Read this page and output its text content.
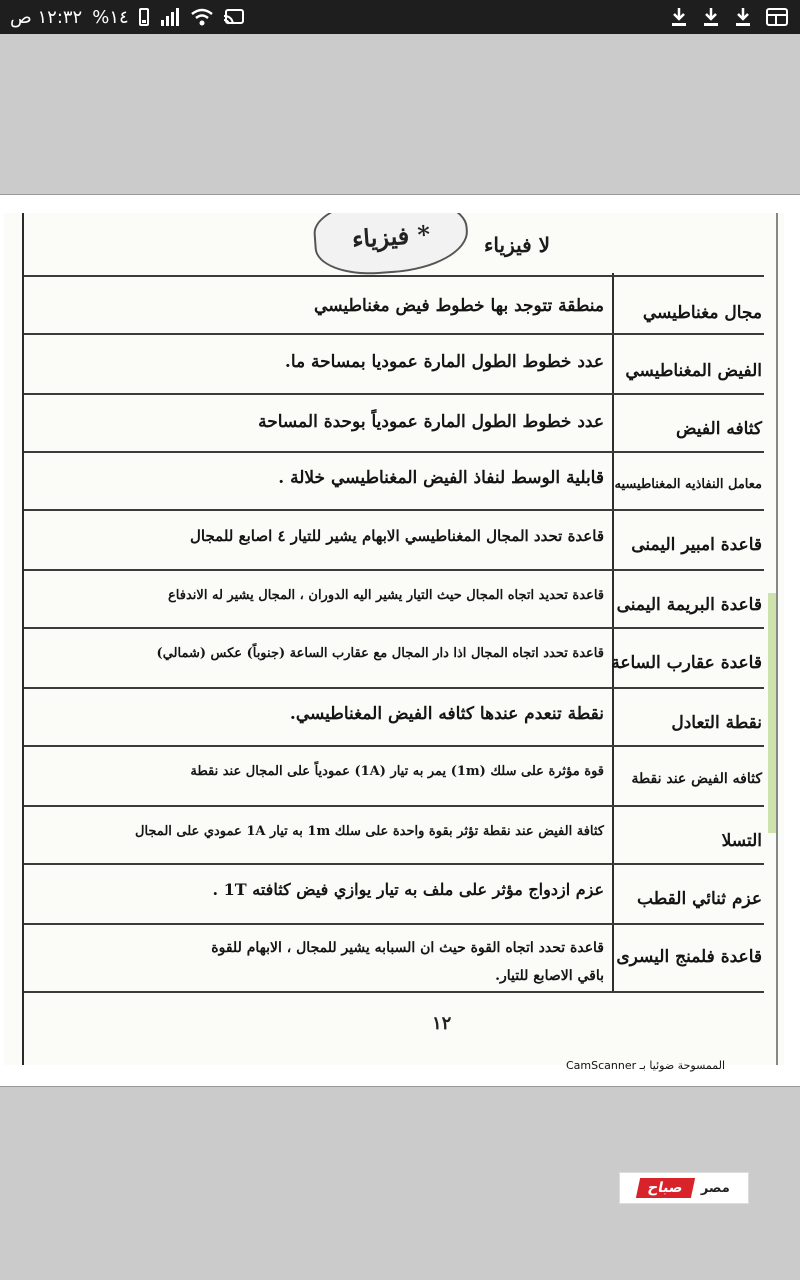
١٢:٣٢ ص %١٤
فيزياء *	لا فيزياء
مجال مغناطيسي
منطقة تتوجد بها خطوط فيض مغناطيسي
الفيض المغناطيسي
عدد خطوط الطول المارة عموديا بمساحة ما.
كثافه الفيض
عدد خطوط الطول المارة عمودياً بوحدة المساحة
معامل النفاذيه المغناطيسيه
قابلية الوسط لنفاذ الفيض المغناطيسي خلالة .
قاعدة امبير اليمنى
قاعدة تحدد المجال المغناطيسي الابهام يشير للتيار ٤ اصابع للمجال
قاعدة البريمة اليمنى
قاعدة تحديد اتجاه المجال حيث التيار يشير اليه الدوران ، المجال يشير له الاندفاع
قاعدة عقارب الساعة
قاعدة تحدد اتجاه المجال اذا دار المجال مع عقارب الساعة (جنوباً) عكس (شمالي)
نقطة التعادل
نقطة تنعدم عندها كثافه الفيض المغناطيسي.
كثافه الفيض عند نقطة
قوة مؤثرة على سلك (1m) يمر به تيار (1A) عمودياً على المجال عند نقطة
التسلا
كثافة الفيض عند نقطة تؤثر بقوة واحدة على سلك 1m به تيار 1A عمودي على المجال
عزم ثنائي القطب
عزم ازدواج مؤثر على ملف به تيار يوازي فيض كثافته 1T .
قاعدة فلمنج اليسرى
قاعدة تحدد اتجاه القوة حيث ان السبابه يشير للمجال ، الابهام للقوة
باقي الاصابع للتيار.
١٢
الممسوحة ضوئيا بـ CamScanner
صباح	مصر
